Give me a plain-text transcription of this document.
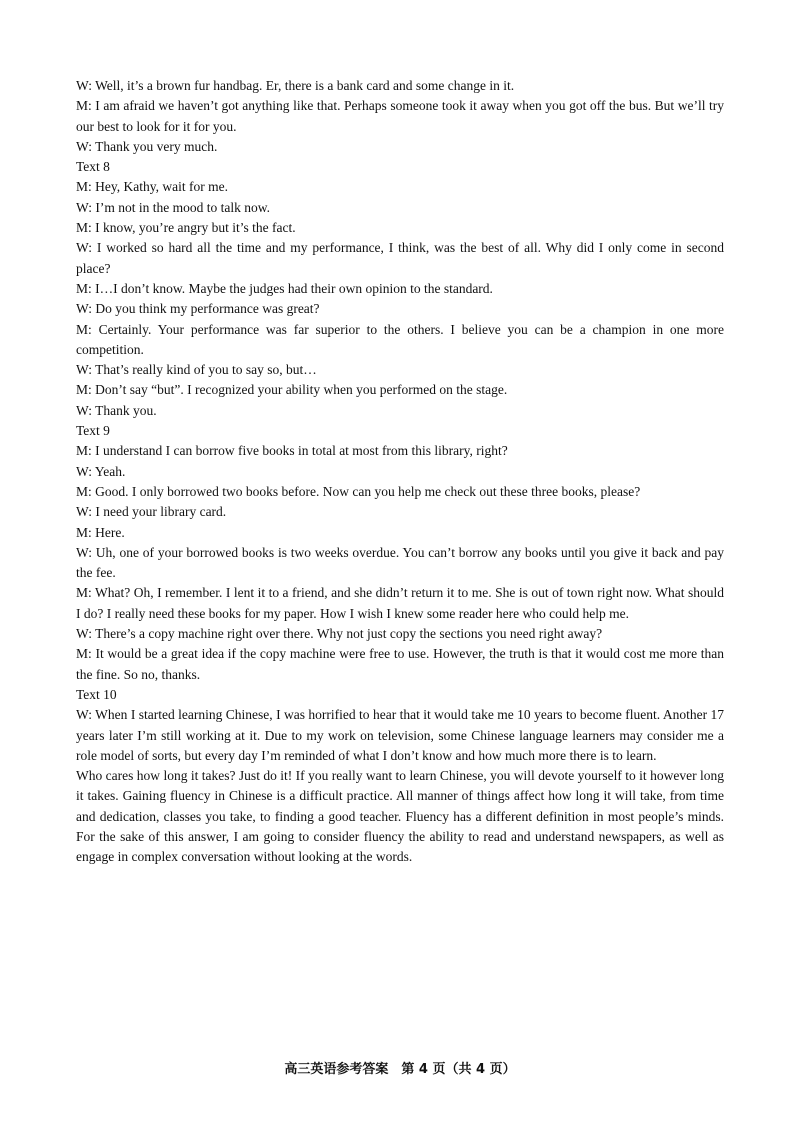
W: Well, it’s a brown fur handbag. Er, there is a bank card and some change in it.

M: I am afraid we haven’t got anything like that. Perhaps someone took it away when you got off the bus. But we’ll try our best to look for it for you.

W: Thank you very much.

Text 8

M: Hey, Kathy, wait for me.

W: I’m not in the mood to talk now.

M: I know, you’re angry but it’s the fact.

W: I worked so hard all the time and my performance, I think, was the best of all. Why did I only come in second place?

M: I…I don’t know. Maybe the judges had their own opinion to the standard.

W: Do you think my performance was great?

M: Certainly. Your performance was far superior to the others. I believe you can be a champion in one more competition.

W: That’s really kind of you to say so, but…

M: Don’t say “but”. I recognized your ability when you performed on the stage.

W: Thank you.

Text 9

M: I understand I can borrow five books in total at most from this library, right?

W: Yeah.

M: Good. I only borrowed two books before. Now can you help me check out these three books, please?

W: I need your library card.

M: Here.

W: Uh, one of your borrowed books is two weeks overdue. You can’t borrow any books until you give it back and pay the fee.

M: What? Oh, I remember. I lent it to a friend, and she didn’t return it to me. She is out of town right now. What should I do? I really need these books for my paper. How I wish I knew some reader here who could help me.

W: There’s a copy machine right over there. Why not just copy the sections you need right away?

M: It would be a great idea if the copy machine were free to use. However, the truth is that it would cost me more than the fine. So no, thanks.

Text 10

W: When I started learning Chinese, I was horrified to hear that it would take me 10 years to become fluent. Another 17 years later I’m still working at it. Due to my work on television, some Chinese language learners may consider me a role model of sorts, but every day I’m reminded of what I don’t know and how much more there is to learn.

Who cares how long it takes? Just do it! If you really want to learn Chinese, you will devote yourself to it however long it takes. Gaining fluency in Chinese is a difficult practice. All manner of things affect how long it will take, from time and dedication, classes you take, to finding a good teacher. Fluency has a different definition in most people’s minds. For the sake of this answer, I am going to consider fluency the ability to read and understand newspapers, as well as engage in complex conversation without looking at the words.

高三英语参考答案　第 4 页（共 4 页）
